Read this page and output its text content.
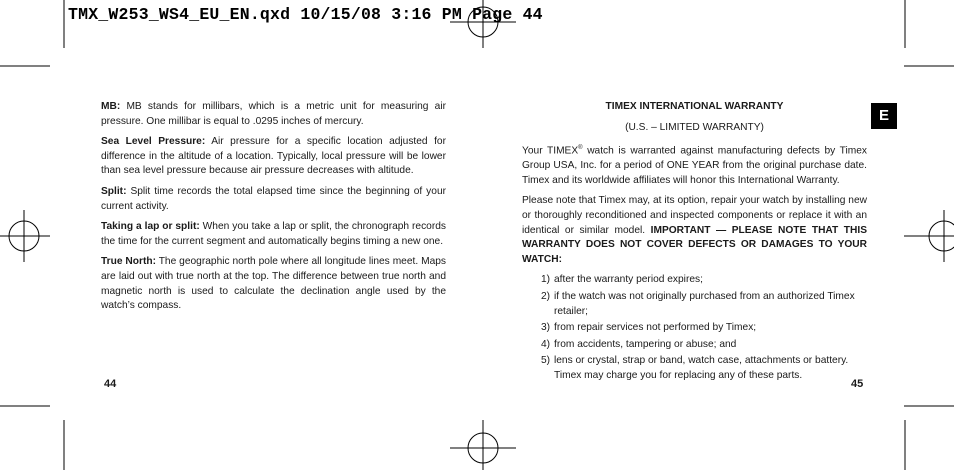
TMX_W253_WS4_EU_EN.qxd 10/15/08 3:16 PM Page 44

MB: MB stands for millibars, which is a metric unit for measuring air pressure. One millibar is equal to .0295 inches of mercury.

Sea Level Pressure: Air pressure for a specific location adjusted for difference in the altitude of a location. Typically, local pressure will be lower than sea level pressure because air pressure decreases with altitude.

Split: Split time records the total elapsed time since the beginning of your current activity.

Taking a lap or split: When you take a lap or split, the chronograph records the time for the current segment and automatically begins timing a new one.

True North: The geographic north pole where all longitude lines meet. Maps are laid out with true north at the top. The difference between true north and magnetic north is used to calculate the declination angle used by the watch’s compass.

44

TIMEX INTERNATIONAL WARRANTY

(U.S. – LIMITED WARRANTY)

Your TIMEX® watch is warranted against manufacturing defects by Timex Group USA, Inc. for a period of ONE YEAR from the original purchase date. Timex and its worldwide affiliates will honor this International Warranty.

Please note that Timex may, at its option, repair your watch by installing new or thoroughly reconditioned and inspected components or replace it with an identical or similar model. IMPORTANT — PLEASE NOTE THAT THIS WARRANTY DOES NOT COVER DEFECTS OR DAMAGES TO YOUR WATCH:

1) after the warranty period expires;
2) if the watch was not originally purchased from an authorized Timex retailer;
3) from repair services not performed by Timex;
4) from accidents, tampering or abuse; and
5) lens or crystal, strap or band, watch case, attachments or battery. Timex may charge you for replacing any of these parts.
45
E
